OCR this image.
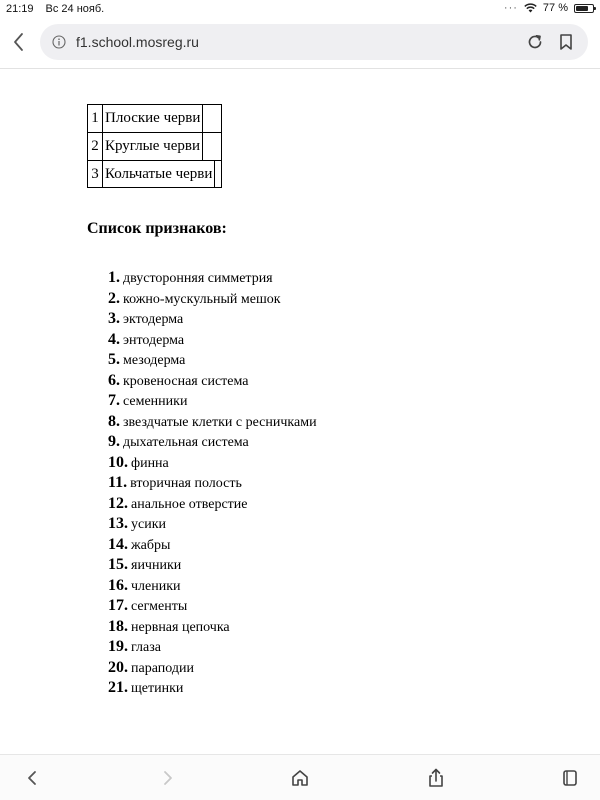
21:19 Вс 24 нояб.	··· 77 %
f1.school.mosreg.ru
1 Плоские черви
2 Круглые черви
3 Кольчатые черви
Список признаков:
1. двусторонняя симметрия
2. кожно-мускульный мешок
3. эктодерма
4. энтодерма
5. мезодерма
6. кровеносная система
7. семенники
8. звездчатые клетки с ресничками
9. дыхательная система
10. финна
11. вторичная полость
12. анальное отверстие
13. усики
14. жабры
15. яичники
16. членики
17. сегменты
18. нервная цепочка
19. глаза
20. параподии
21. щетинки
